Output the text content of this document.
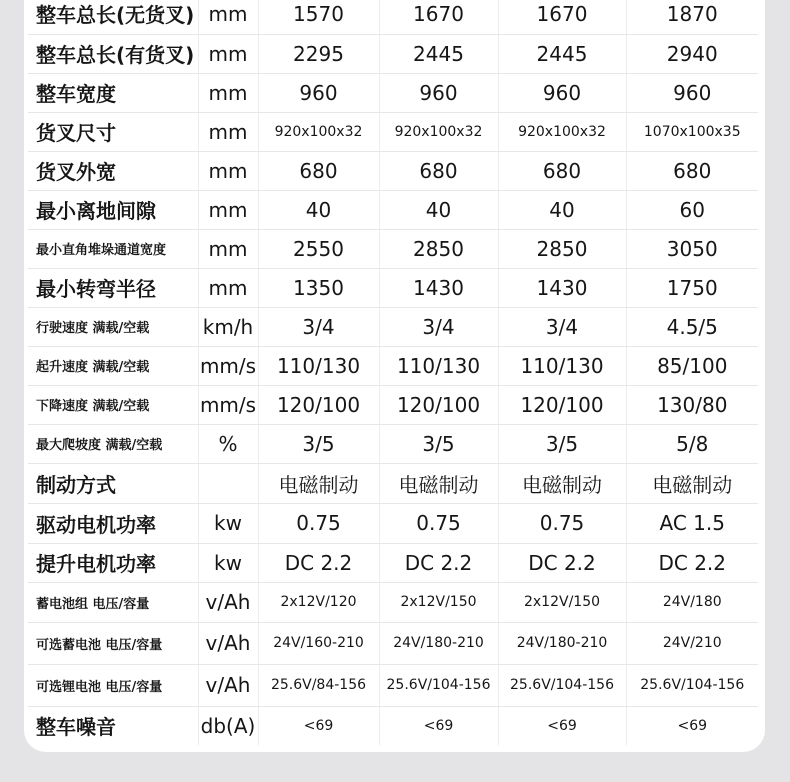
整车总长(无货叉)	mm	1570	1670	1670	1870
整车总长(有货叉)	mm	2295	2445	2445	2940
整车宽度	mm	960	960	960	960
货叉尺寸	mm	920x100x32	920x100x32	920x100x32	1070x100x35
货叉外宽	mm	680	680	680	680
最小离地间隙	mm	40	40	40	60
最小直角堆垛通道宽度	mm	2550	2850	2850	3050
最小转弯半径	mm	1350	1430	1430	1750
行驶速度 满载/空载	km/h	3/4	3/4	3/4	4.5/5
起升速度 满载/空载	mm/s	110/130	110/130	110/130	85/100
下降速度 满载/空载	mm/s	120/100	120/100	120/100	130/80
最大爬坡度 满载/空载	%	3/5	3/5	3/5	5/8
制动方式		电磁制动	电磁制动	电磁制动	电磁制动
驱动电机功率	kw	0.75	0.75	0.75	AC 1.5
提升电机功率	kw	DC 2.2	DC 2.2	DC 2.2	DC 2.2
蓄电池组 电压/容量	v/Ah	2x12V/120	2x12V/150	2x12V/150	24V/180
可选蓄电池 电压/容量	v/Ah	24V/160-210	24V/180-210	24V/180-210	24V/210
可选锂电池 电压/容量	v/Ah	25.6V/84-156	25.6V/104-156	25.6V/104-156	25.6V/104-156
整车噪音	db(A)	<69	<69	<69	<69
